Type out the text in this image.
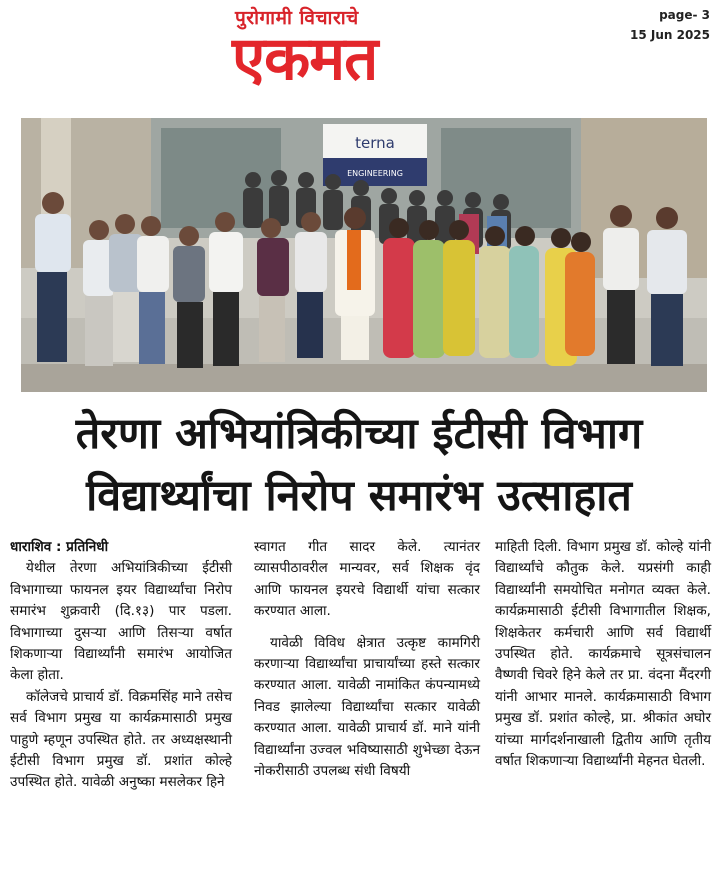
पुरोगामी विचाराचे
एकमत
page- 3
15 Jun 2025
terna
ENGINEERING
तेरणा अभियांत्रिकीच्या ईटीसी विभाग
विद्यार्थ्यांचा निरोप समारंभ उत्साहात

धाराशिव : प्रतिनिधी

येथील तेरणा अभियांत्रिकीच्या ईटीसी विभागाच्या फायनल इयर विद्यार्थ्यांचा निरोप समारंभ शुक्रवारी (दि.१३) पार पडला. विभागाच्या दुसऱ्या आणि तिसऱ्या वर्षात शिकणाऱ्या विद्यार्थ्यांनी समारंभ आयोजित केला होता.

कॉलेजचे प्राचार्य डॉ. विक्रमसिंह माने तसेच सर्व विभाग प्रमुख या कार्यक्रमासाठी प्रमुख पाहुणे म्हणून उपस्थित होते. तर अध्यक्षस्थानी ईटीसी विभाग प्रमुख डॉ. प्रशांत कोल्हे उपस्थित होते. यावेळी अनुष्का मसलेकर हिने

स्वागत गीत सादर केले. त्यानंतर व्यासपीठावरील मान्यवर, सर्व शिक्षक वृंद आणि फायनल इयरचे विद्यार्थी यांचा सत्कार करण्यात आला.

यावेळी विविध क्षेत्रात उत्कृष्ट कामगिरी करणाऱ्या विद्यार्थ्यांचा प्राचार्यांच्या हस्ते सत्कार करण्यात आला. यावेळी नामांकित कंपन्यामध्ये निवड झालेल्या विद्यार्थ्यांचा सत्कार यावेळी करण्यात आला. यावेळी प्राचार्य डॉ. माने यांनी विद्यार्थ्यांना उज्वल भविष्यासाठी शुभेच्छा देऊन नोकरीसाठी उपलब्ध संधी विषयी

माहिती दिली. विभाग प्रमुख डॉ. कोल्हे यांनी विद्यार्थ्यांचे कौतुक केले. यप्रसंगी काही विद्यार्थ्यांनी समयोचित मनोगत व्यक्त केले. कार्यक्रमासाठी ईटीसी विभागातील शिक्षक, शिक्षकेतर कर्मचारी आणि सर्व विद्यार्थी उपस्थित होते. कार्यक्रमाचे सूत्रसंचालन वैष्णवी चिवरे हिने केले तर प्रा. वंदना मैंदरगी यांनी आभार मानले. कार्यक्रमासाठी विभाग प्रमुख डॉ. प्रशांत कोल्हे, प्रा. श्रीकांत अघोर यांच्या मार्गदर्शनाखाली द्वितीय आणि तृतीय वर्षात शिकणाऱ्या विद्यार्थ्यांनी मेहनत घेतली.
